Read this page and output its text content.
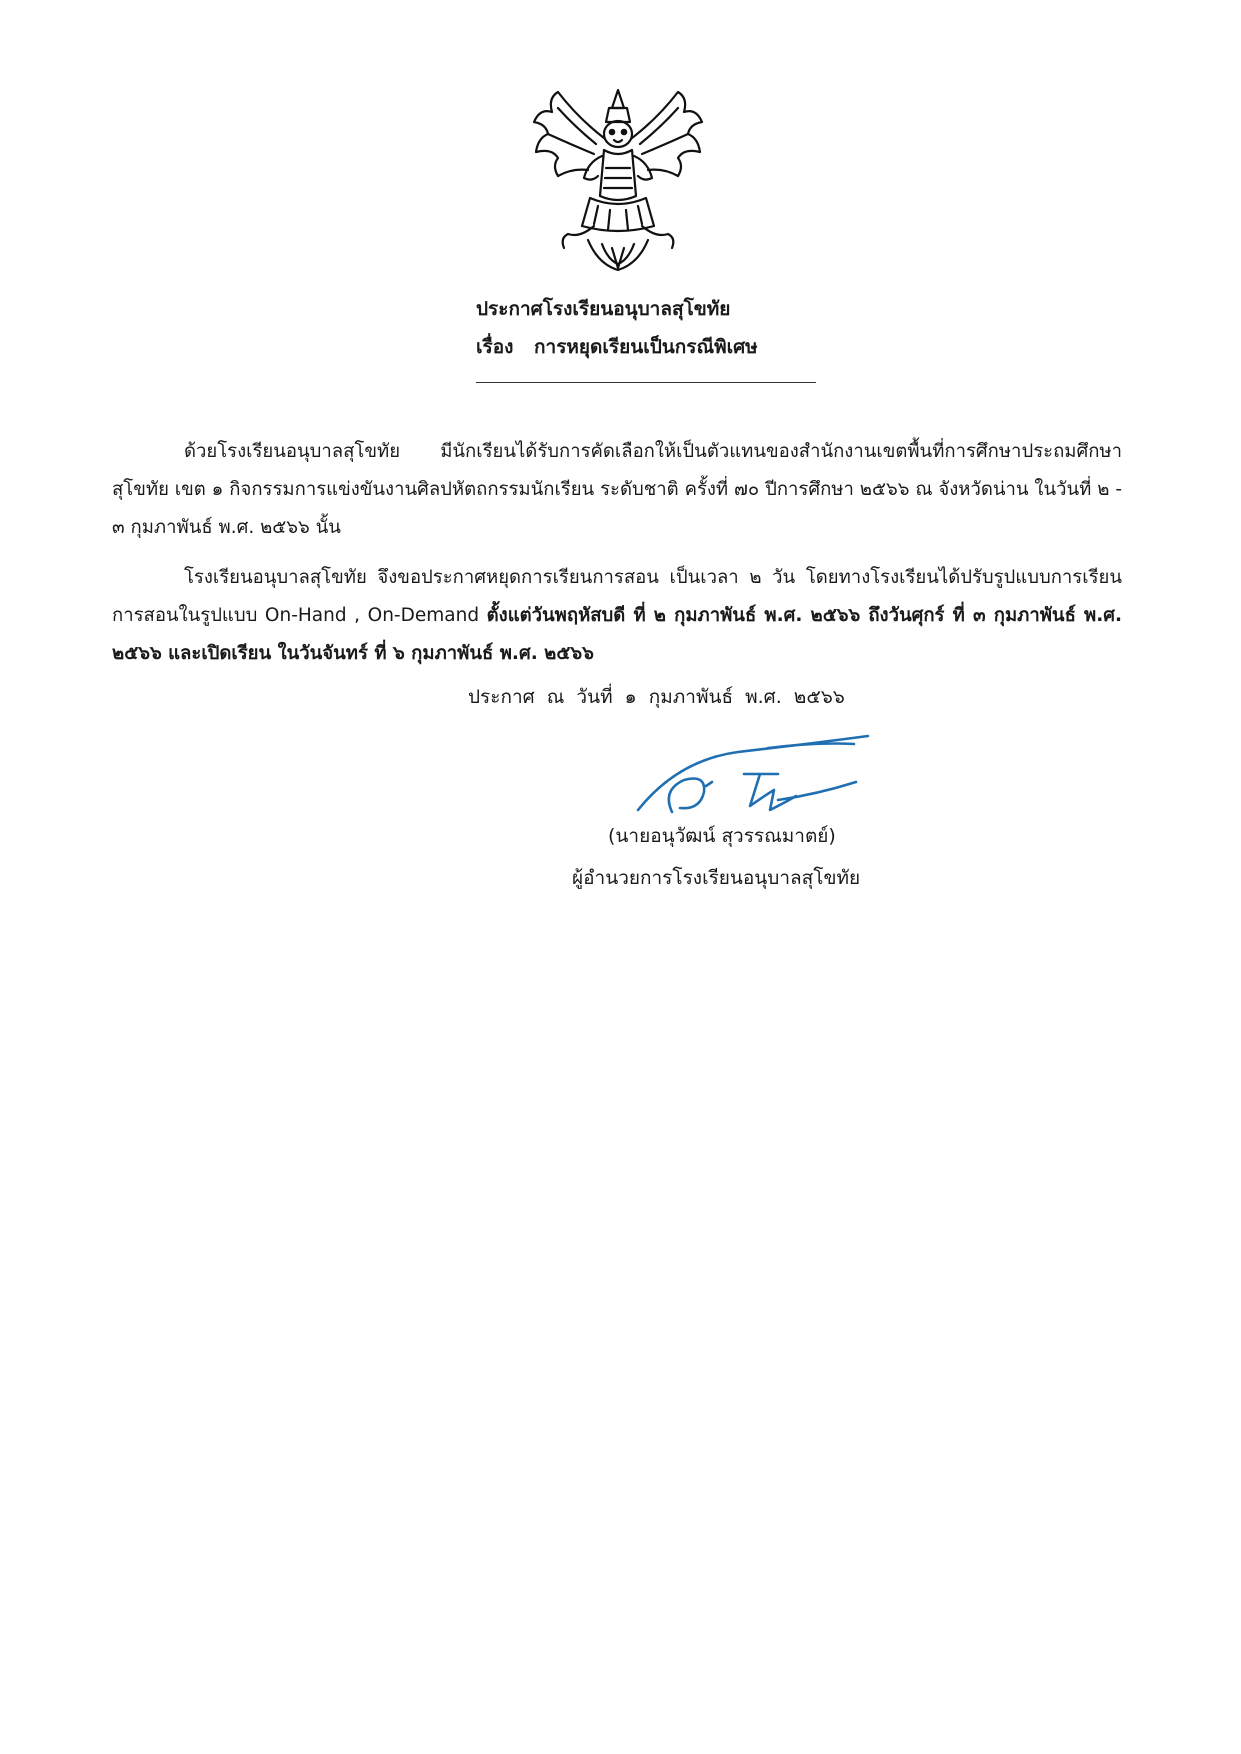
ประกาศโรงเรียนอนุบาลสุโขทัย
เรื่อง การหยุดเรียนเป็นกรณีพิเศษ

ด้วยโรงเรียนอนุบาลสุโขทัย มีนักเรียนได้รับการคัดเลือกให้เป็นตัวแทนของสำนักงานเขตพื้นที่การศึกษาประถมศึกษาสุโขทัย เขต ๑ กิจกรรมการแข่งขันงานศิลปหัตถกรรมนักเรียน ระดับชาติ ครั้งที่ ๗๐ ปีการศึกษา ๒๕๖๖ ณ จังหวัดน่าน ในวันที่ ๒ - ๓ กุมภาพันธ์ พ.ศ. ๒๕๖๖ นั้น

โรงเรียนอนุบาลสุโขทัย จึงขอประกาศหยุดการเรียนการสอน เป็นเวลา ๒ วัน โดยทางโรงเรียนได้ปรับรูปแบบการเรียนการสอนในรูปแบบ On-Hand , On-Demand ตั้งแต่วันพฤหัสบดี ที่ ๒ กุมภาพันธ์ พ.ศ. ๒๕๖๖ ถึงวันศุกร์ ที่ ๓ กุมภาพันธ์ พ.ศ. ๒๕๖๖ และเปิดเรียน ในวันจันทร์ ที่ ๖ กุมภาพันธ์ พ.ศ. ๒๕๖๖

ประกาศ ณ วันที่ ๑ กุมภาพันธ์ พ.ศ. ๒๕๖๖
(นายอนุวัฒน์ สุวรรณมาตย์)
ผู้อำนวยการโรงเรียนอนุบาลสุโขทัย
